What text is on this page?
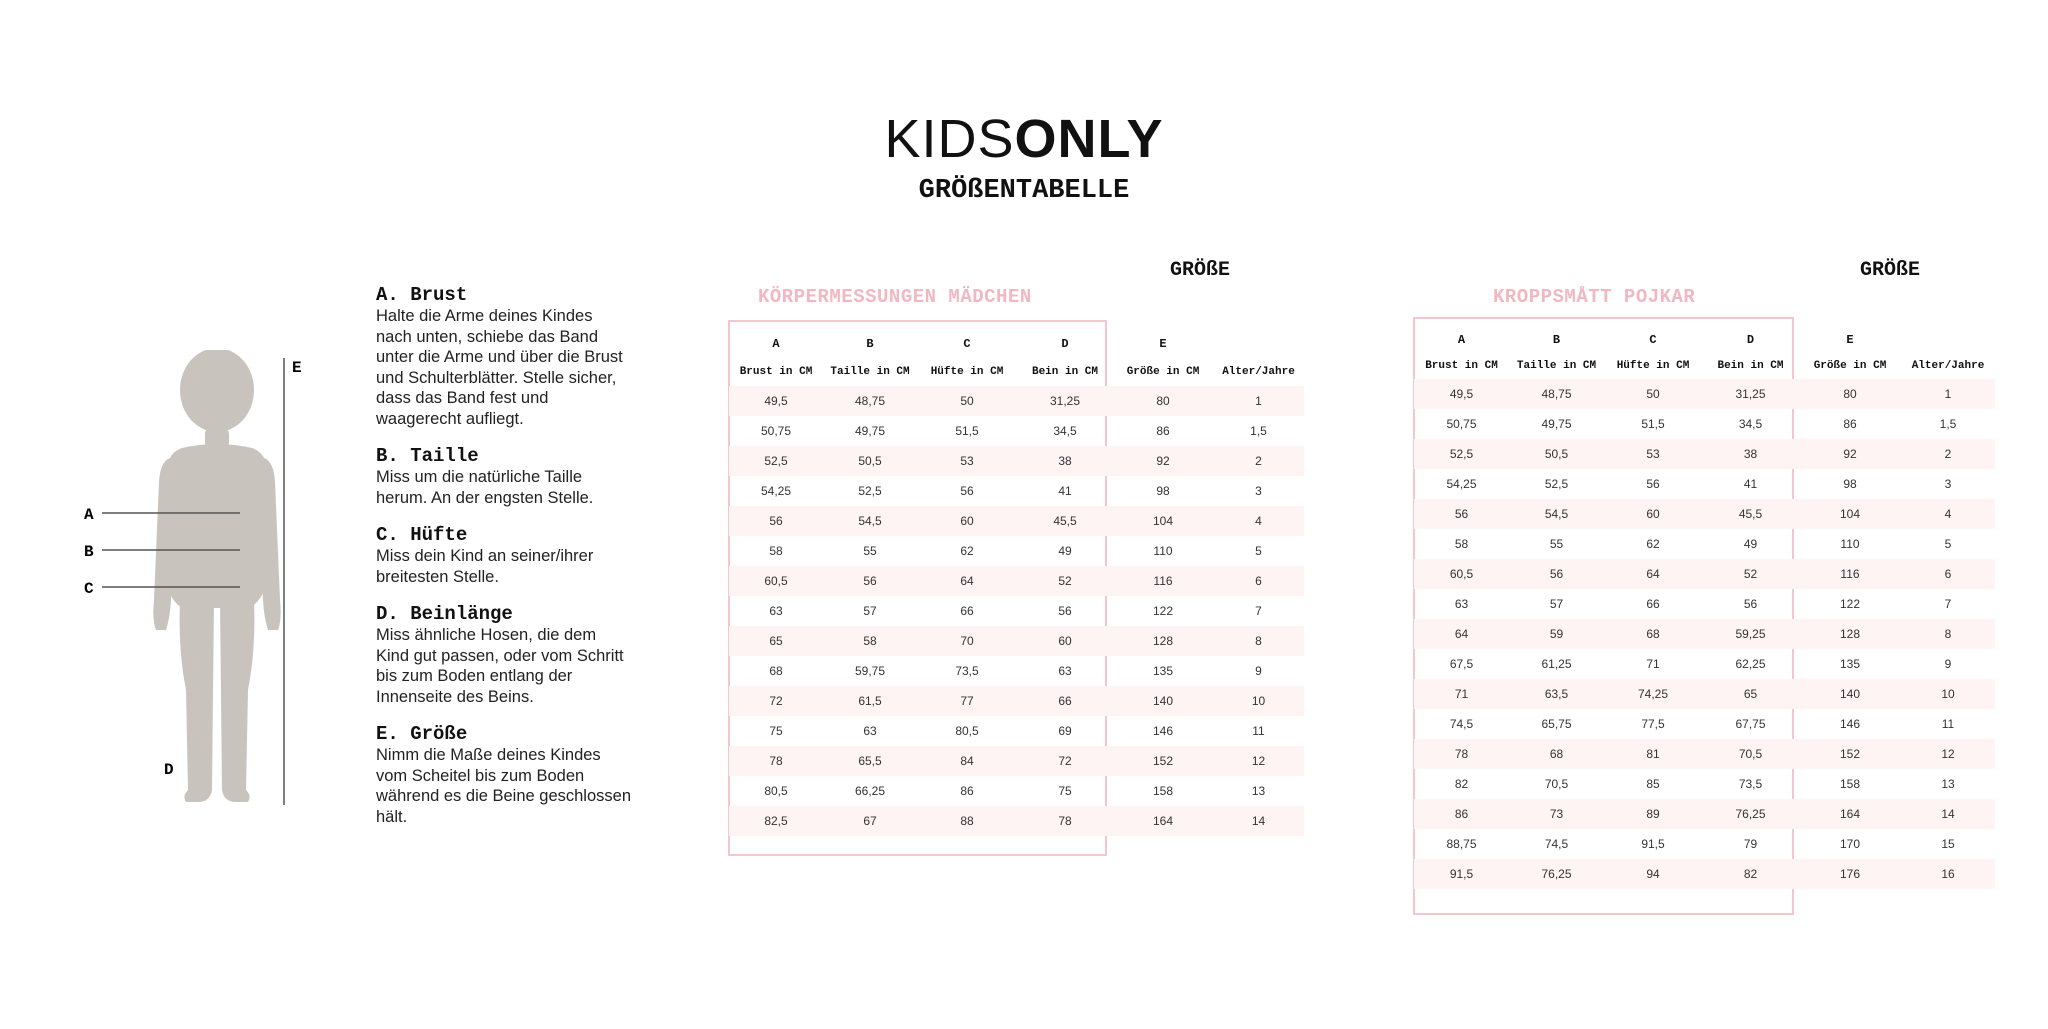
KIDSONLY
GRÖßENTABELLE
A
B
C
D
E
A. Brust

Halte die Arme deines Kindes nach unten, schiebe das Band unter die Arme und über die Brust und Schulterblätter. Stelle sicher, dass das Band fest und waagerecht aufliegt.

B. Taille

Miss um die natürliche Taille herum. An der engsten Stelle.

C. Hüfte

Miss dein Kind an seiner/ihrer breitesten Stelle.

D. Beinlänge

Miss ähnliche Hosen, die dem Kind gut passen, oder vom Schritt bis zum Boden entlang der Innenseite des Beins.

E. Größe

Nimm die Maße deines Kindes vom Scheitel bis zum Boden während es die Beine geschlossen hält.

KÖRPERMESSUNGEN MÄDCHEN
GRÖßE
A	B	C	D	E	
Brust in CM	Taille in CM	Hüfte in CM	Bein in CM	Größe in CM	Alter/Jahre
49,5	48,75	50	31,25	80	1
50,75	49,75	51,5	34,5	86	1,5
52,5	50,5	53	38	92	2
54,25	52,5	56	41	98	3
56	54,5	60	45,5	104	4
58	55	62	49	110	5
60,5	56	64	52	116	6
63	57	66	56	122	7
65	58	70	60	128	8
68	59,75	73,5	63	135	9
72	61,5	77	66	140	10
75	63	80,5	69	146	11
78	65,5	84	72	152	12
80,5	66,25	86	75	158	13
82,5	67	88	78	164	14
KROPPSMÅTT POJKAR
GRÖßE
A	B	C	D	E	
Brust in CM	Taille in CM	Hüfte in CM	Bein in CM	Größe in CM	Alter/Jahre
49,5	48,75	50	31,25	80	1
50,75	49,75	51,5	34,5	86	1,5
52,5	50,5	53	38	92	2
54,25	52,5	56	41	98	3
56	54,5	60	45,5	104	4
58	55	62	49	110	5
60,5	56	64	52	116	6
63	57	66	56	122	7
64	59	68	59,25	128	8
67,5	61,25	71	62,25	135	9
71	63,5	74,25	65	140	10
74,5	65,75	77,5	67,75	146	11
78	68	81	70,5	152	12
82	70,5	85	73,5	158	13
86	73	89	76,25	164	14
88,75	74,5	91,5	79	170	15
91,5	76,25	94	82	176	16
